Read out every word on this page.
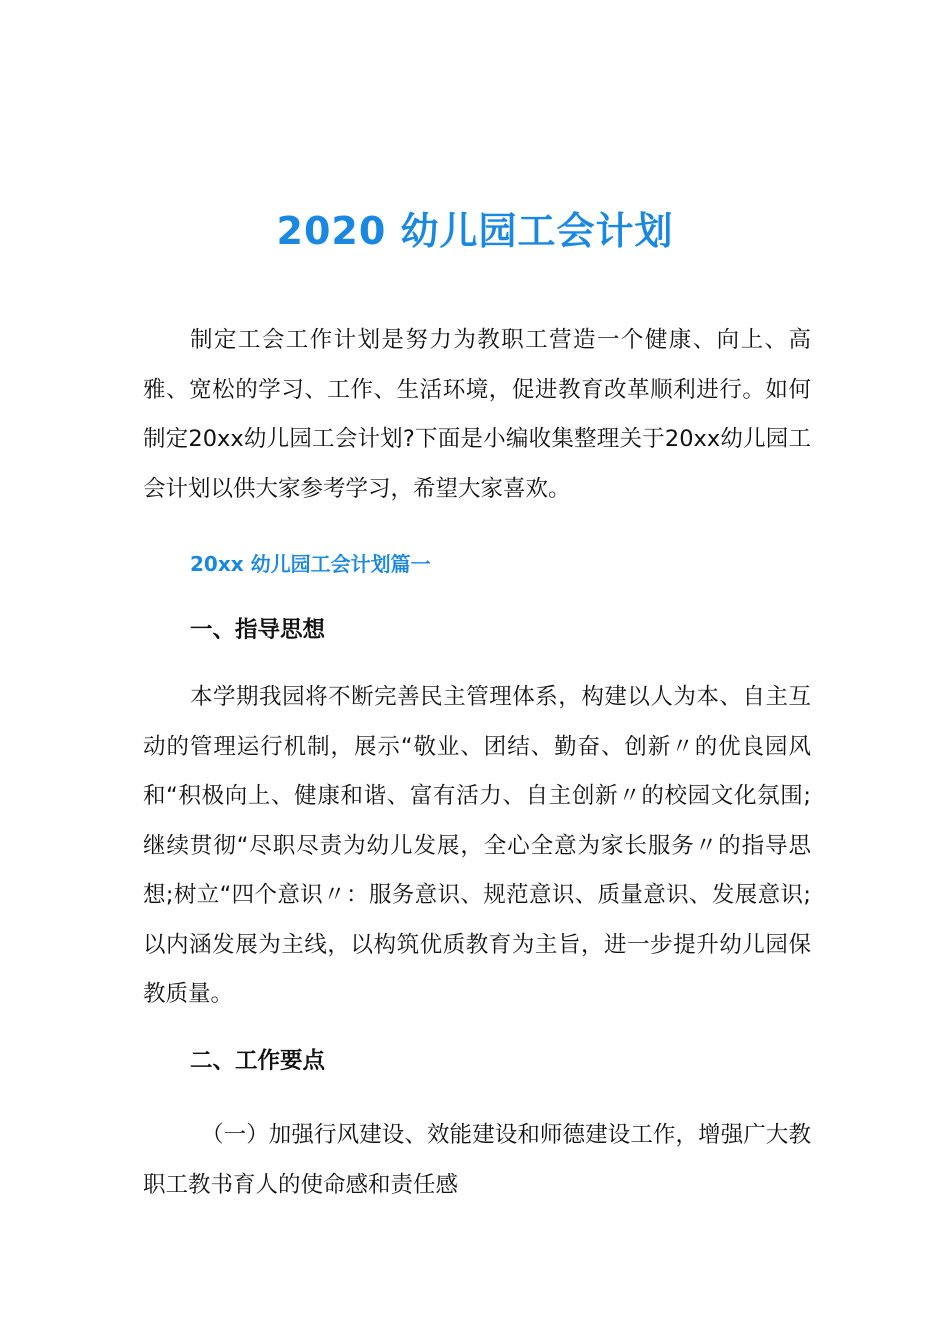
2020 幼儿园工会计划

制定工会工作计划是努力为教职工营造一个健康、向上、高雅、宽松的学习、工作、生活环境，促进教育改革顺利进行。如何制定20xx幼儿园工会计划?下面是小编收集整理关于20xx幼儿园工会计划以供大家参考学习，希望大家喜欢。

20xx 幼儿园工会计划篇一
一、指导思想

本学期我园将不断完善民主管理体系，构建以人为本、自主互动的管理运行机制，展示“敬业、团结、勤奋、创新〃的优良园风和“积极向上、健康和谐、富有活力、自主创新〃的校园文化氛围;继续贯彻“尽职尽责为幼儿发展，全心全意为家长服务〃的指导思想;树立“四个意识〃：服务意识、规范意识、质量意识、发展意识;以内涵发展为主线，以构筑优质教育为主旨，进一步提升幼儿园保教质量。

二、工作要点

（一）加强行风建设、效能建设和师德建设工作，增强广大教职工教书育人的使命感和责任感
